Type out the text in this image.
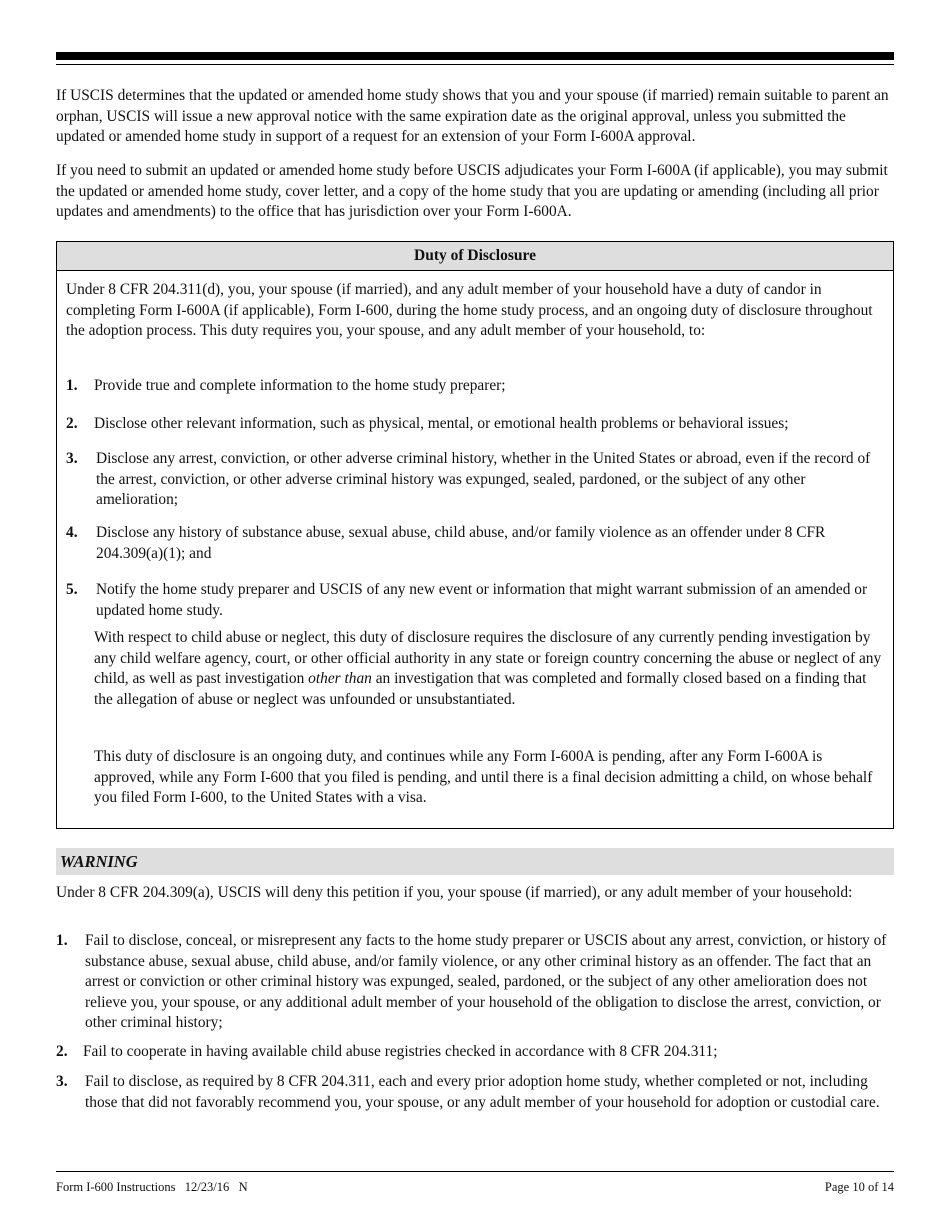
If USCIS determines that the updated or amended home study shows that you and your spouse (if married) remain suitable to parent an orphan, USCIS will issue a new approval notice with the same expiration date as the original approval, unless you submitted the updated or amended home study in support of a request for an extension of your Form I-600A approval.

If you need to submit an updated or amended home study before USCIS adjudicates your Form I-600A (if applicable), you may submit the updated or amended home study, cover letter, and a copy of the home study that you are updating or amending (including all prior updates and amendments) to the office that has jurisdiction over your Form I-600A.

Duty of Disclosure

Under 8 CFR 204.311(d), you, your spouse (if married), and any adult member of your household have a duty of candor in completing Form I-600A (if applicable), Form I-600, during the home study process, and an ongoing duty of disclosure throughout the adoption process. This duty requires you, your spouse, and any adult member of your household, to:

1. Provide true and complete information to the home study preparer;
2. Disclose other relevant information, such as physical, mental, or emotional health problems or behavioral issues;
3. Disclose any arrest, conviction, or other adverse criminal history, whether in the United States or abroad, even if the record of the arrest, conviction, or other adverse criminal history was expunged, sealed, pardoned, or the subject of any other amelioration;
4. Disclose any history of substance abuse, sexual abuse, child abuse, and/or family violence as an offender under 8 CFR 204.309(a)(1); and
5. Notify the home study preparer and USCIS of any new event or information that might warrant submission of an amended or updated home study.

With respect to child abuse or neglect, this duty of disclosure requires the disclosure of any currently pending investigation by any child welfare agency, court, or other official authority in any state or foreign country concerning the abuse or neglect of any child, as well as past investigation other than an investigation that was completed and formally closed based on a finding that the allegation of abuse or neglect was unfounded or unsubstantiated.

This duty of disclosure is an ongoing duty, and continues while any Form I-600A is pending, after any Form I-600A is approved, while any Form I-600 that you filed is pending, and until there is a final decision admitting a child, on whose behalf you filed Form I-600, to the United States with a visa.

WARNING

Under 8 CFR 204.309(a), USCIS will deny this petition if you, your spouse (if married), or any adult member of your household:

1. Fail to disclose, conceal, or misrepresent any facts to the home study preparer or USCIS about any arrest, conviction, or history of substance abuse, sexual abuse, child abuse, and/or family violence, or any other criminal history as an offender. The fact that an arrest or conviction or other criminal history was expunged, sealed, pardoned, or the subject of any other amelioration does not relieve you, your spouse, or any additional adult member of your household of the obligation to disclose the arrest, conviction, or other criminal history;
2. Fail to cooperate in having available child abuse registries checked in accordance with 8 CFR 204.311;
3. Fail to disclose, as required by 8 CFR 204.311, each and every prior adoption home study, whether completed or not, including those that did not favorably recommend you, your spouse, or any adult member of your household for adoption or custodial care.
Form I-600 Instructions   12/23/16   N	Page 10 of 14
